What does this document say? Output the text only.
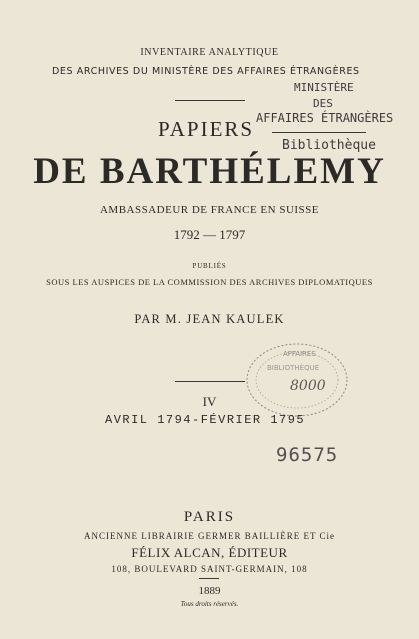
INVENTAIRE ANALYTIQUE
DES ARCHIVES DU MINISTÈRE DES AFFAIRES ÉTRANGÈRES
MINISTÈRE
DES
AFFAIRES ÉTRANGÈRES
Bibliothèque
PAPIERS
DE BARTHÉLEMY
AMBASSADEUR DE FRANCE EN SUISSE
1792 — 1797
PUBLIÉS
SOUS LES AUSPICES DE LA COMMISSION DES ARCHIVES DIPLOMATIQUES
PAR M. JEAN KAULEK
AFFAIRES
BIBLIOTHÈQUE
8000
IV
AVRIL 1794-FÉVRIER 1795
96575
PARIS
ANCIENNE LIBRAIRIE GERMER BAILLIÈRE ET Cie
FÉLIX ALCAN, ÉDITEUR
108, BOULEVARD SAINT-GERMAIN, 108
1889
Tous droits réservés.
